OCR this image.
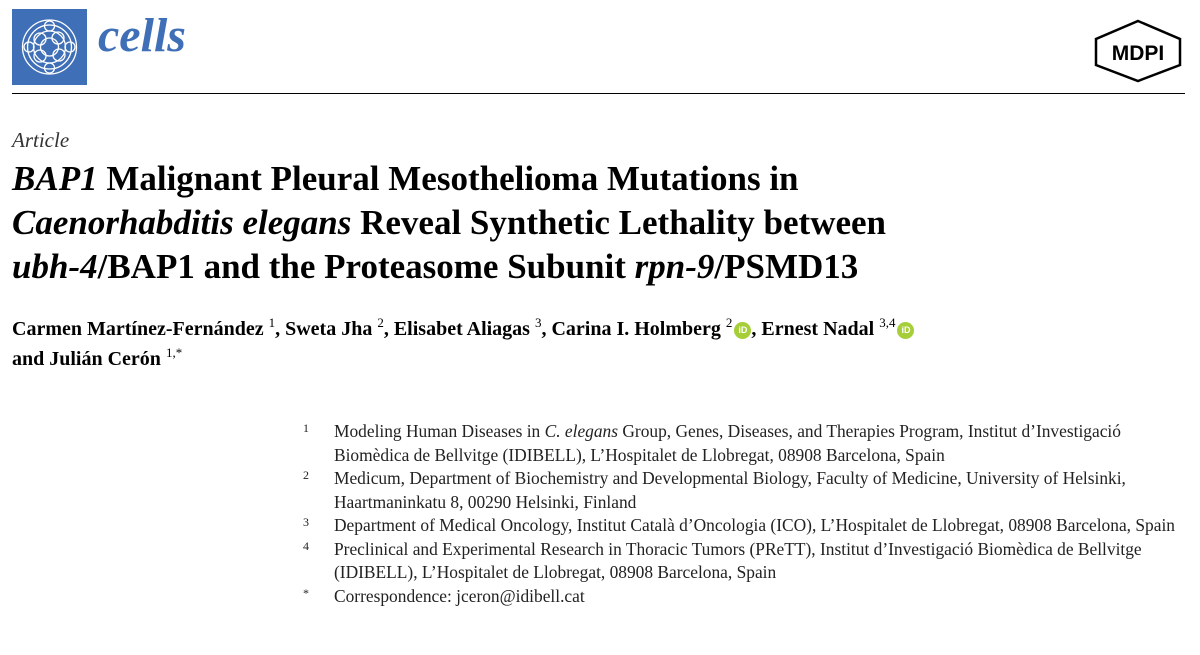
cells	MDPI
Article
BAP1 Malignant Pleural Mesothelioma Mutations in
Caenorhabditis elegans Reveal Synthetic Lethality between
ubh-4/BAP1 and the Proteasome Subunit rpn-9/PSMD13
Carmen Martínez-Fernández $^1$, Sweta Jha $^2$, Elisabet Aliagas $^3$, Carina I. Holmberg $^2$ iD , Ernest Nadal $^{3,4}$ iD
and Julián Cerón $^{1,*}$
1	Modeling Human Diseases in C. elegans Group, Genes, Diseases, and Therapies Program, Institut d’Investigació Biomèdica de Bellvitge (IDIBELL), L’Hospitalet de Llobregat, 08908 Barcelona, Spain
2	Medicum, Department of Biochemistry and Developmental Biology, Faculty of Medicine, University of Helsinki, Haartmaninkatu 8, 00290 Helsinki, Finland
3	Department of Medical Oncology, Institut Català d’Oncologia (ICO), L’Hospitalet de Llobregat, 08908 Barcelona, Spain
4	Preclinical and Experimental Research in Thoracic Tumors (PReTT), Institut d’Investigació Biomèdica de Bellvitge (IDIBELL), L’Hospitalet de Llobregat, 08908 Barcelona, Spain
*	Correspondence: jceron@idibell.cat
